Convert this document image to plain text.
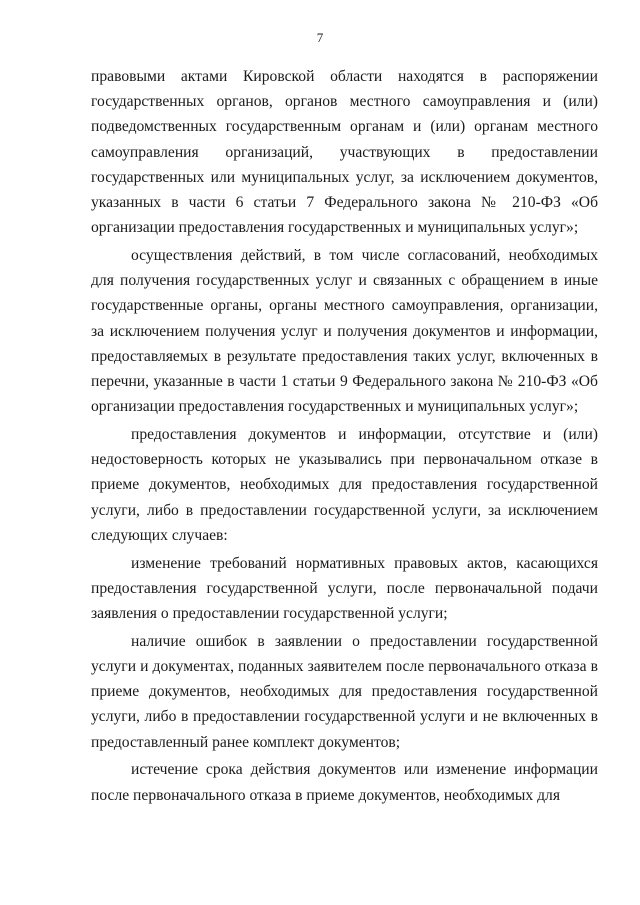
7

правовыми актами Кировской области находятся в распоряжении государственных органов, органов местного самоуправления и (или) подведомственных государственным органам и (или) органам местного самоуправления организаций, участвующих в предоставлении государственных или муниципальных услуг, за исключением документов, указанных в части 6 статьи 7 Федерального закона № 210-ФЗ «Об организации предоставления государственных и муниципальных услуг»;

осуществления действий, в том числе согласований, необходимых для получения государственных услуг и связанных с обращением в иные государственные органы, органы местного самоуправления, организации, за исключением получения услуг и получения документов и информации, предоставляемых в результате предоставления таких услуг, включенных в перечни, указанные в части 1 статьи 9 Федерального закона № 210-ФЗ «Об организации предоставления государственных и муниципальных услуг»;

предоставления документов и информации, отсутствие и (или) недостоверность которых не указывались при первоначальном отказе в приеме документов, необходимых для предоставления государственной услуги, либо в предоставлении государственной услуги, за исключением следующих случаев:

изменение требований нормативных правовых актов, касающихся предоставления государственной услуги, после первоначальной подачи заявления о предоставлении государственной услуги;

наличие ошибок в заявлении о предоставлении государственной услуги и документах, поданных заявителем после первоначального отказа в приеме документов, необходимых для предоставления государственной услуги, либо в предоставлении государственной услуги и не включенных в предоставленный ранее комплект документов;

истечение срока действия документов или изменение информации после первоначального отказа в приеме документов, необходимых для
